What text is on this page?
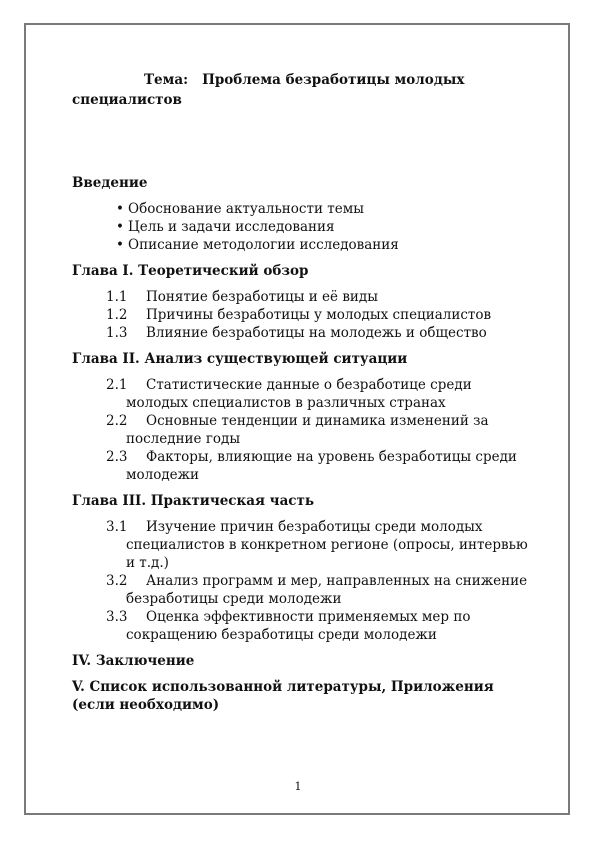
Тема: Проблема безработицы молодых
специалистов

Введение

• Обоснование актуальности темы
• Цель и задачи исследования
• Описание методологии исследования

Глава I. Теоретический обзор

1.1 Понятие безработицы и её виды
1.2 Причины безработицы у молодых специалистов
1.3 Влияние безработицы на молодежь и общество

Глава II. Анализ существующей ситуации

2.1 Статистические данные о безработице среди молодых специалистов в различных странах
2.2 Основные тенденции и динамика изменений за последние годы
2.3 Факторы, влияющие на уровень безработицы среди молодежи

Глава III. Практическая часть

3.1 Изучение причин безработицы среди молодых специалистов в конкретном регионе (опросы, интервью и т.д.)
3.2 Анализ программ и мер, направленных на снижение безработицы среди молодежи
3.3 Оценка эффективности применяемых мер по сокращению безработицы среди молодежи

IV. Заключение

V. Список использованной литературы, Приложения (если необходимо)

1
